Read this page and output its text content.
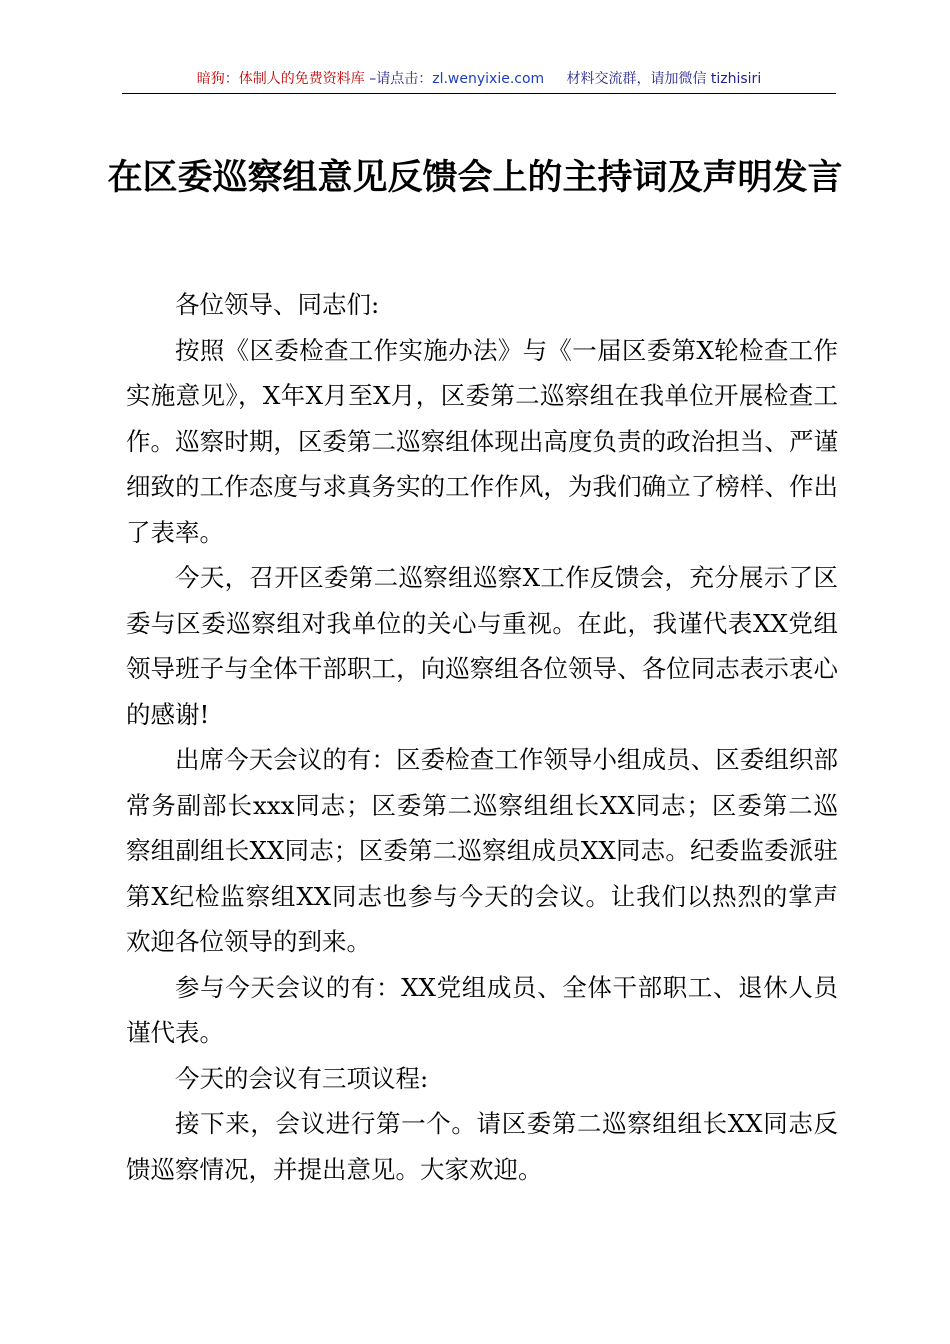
暗狗：体制人的免费资料库 –请点击：zl.wenyixie.com     材料交流群，请加微信 tizhisiri
在区委巡察组意见反馈会上的主持词及声明发言

各位领导、同志们:

按照《区委检查工作实施办法》与《一届区委第X轮检查工作实施意见》，X年X月至X月，区委第二巡察组在我单位开展检查工作。巡察时期，区委第二巡察组体现出高度负责的政治担当、严谨细致的工作态度与求真务实的工作作风，为我们确立了榜样、作出了表率。

今天，召开区委第二巡察组巡察X工作反馈会，充分展示了区委与区委巡察组对我单位的关心与重视。在此，我谨代表XX党组领导班子与全体干部职工，向巡察组各位领导、各位同志表示衷心的感谢!

出席今天会议的有：区委检查工作领导小组成员、区委组织部常务副部长xxx同志；区委第二巡察组组长XX同志；区委第二巡察组副组长XX同志；区委第二巡察组成员XX同志。纪委监委派驻第X纪检监察组XX同志也参与今天的会议。让我们以热烈的掌声欢迎各位领导的到来。

参与今天会议的有：XX党组成员、全体干部职工、退休人员谨代表。

今天的会议有三项议程:

接下来，会议进行第一个。请区委第二巡察组组长XX同志反馈巡察情况，并提出意见。大家欢迎。
